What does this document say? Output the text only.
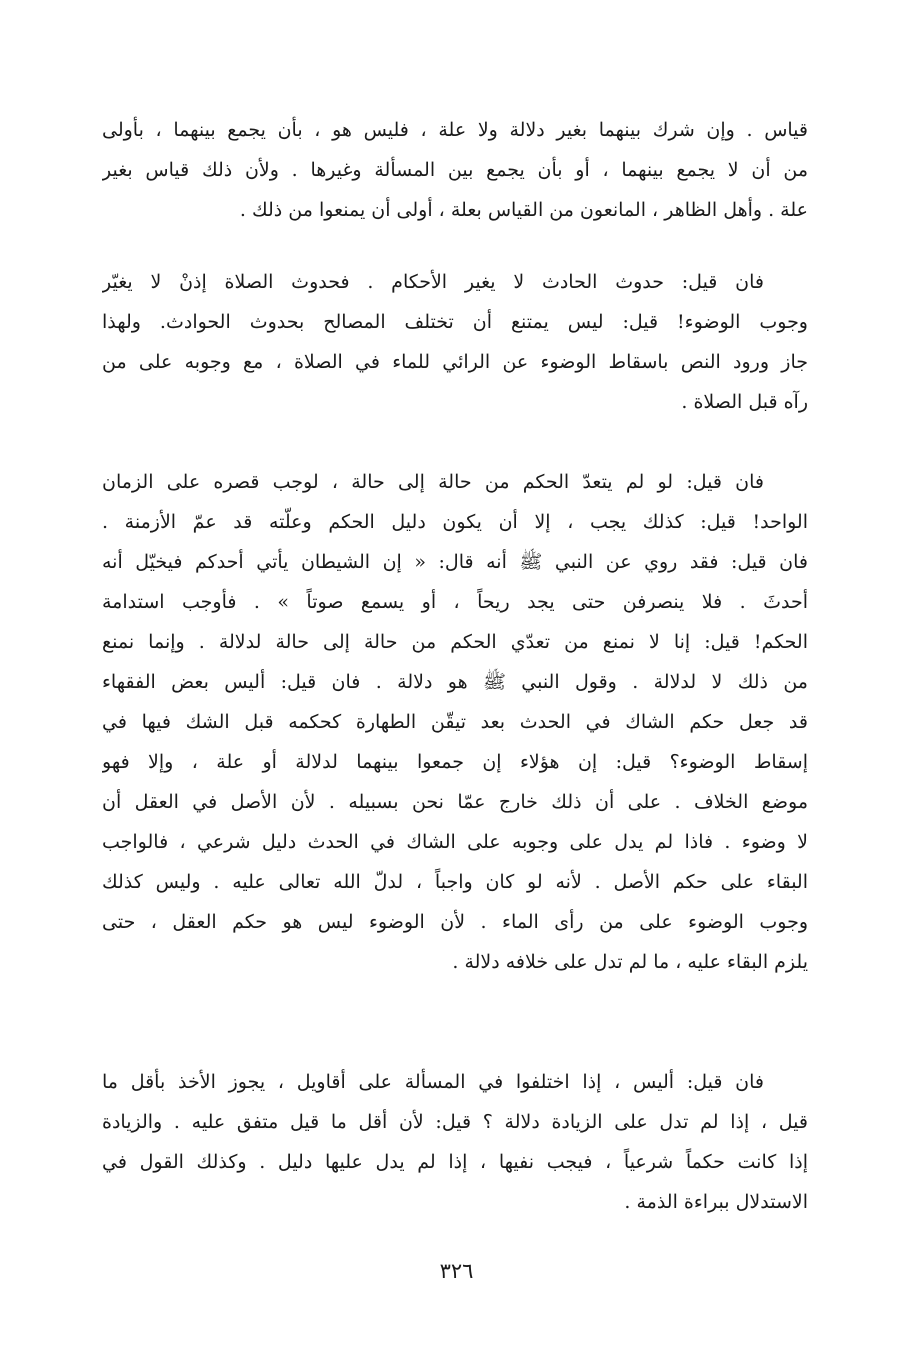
قياس . وإن شرك بينهما بغير دلالة ولا علة ، فليس هو ، بأن يجمع بينهما ، بأولى
من أن لا يجمع بينهما ، أو بأن يجمع بين المسألة وغيرها . ولأن ذلك قياس بغير
علة . وأهل الظاهر ، المانعون من القياس بعلة ، أولى أن يمنعوا من ذلك .
فان قيل: حدوث الحادث لا يغير الأحكام . فحدوث الصلاة إذنْ لا يغيّر
وجوب الوضوء! قيل: ليس يمتنع أن تختلف المصالح بحدوث الحوادث. ولهذا
جاز ورود النص باسقاط الوضوء عن الرائي للماء في الصلاة ، مع وجوبه على من
رآه قبل الصلاة .
فان قيل: لو لم يتعدّ الحكم من حالة إلى حالة ، لوجب قصره على الزمان
الواحد! قيل: كذلك يجب ، إلا أن يكون دليل الحكم وعلّته قد عمّ الأزمنة .
فان قيل: فقد روي عن النبي ﷺ أنه قال: « إن الشيطان يأتي أحدكم فيخيّل أنه
أحدثَ . فلا ينصرفن حتى يجد ريحاً ، أو يسمع صوتاً » . فأوجب استدامة
الحكم! قيل: إنا لا نمنع من تعدّي الحكم من حالة إلى حالة لدلالة . وإنما نمنع
من ذلك لا لدلالة . وقول النبي ﷺ هو دلالة . فان قيل: أليس بعض الفقهاء
قد جعل حكم الشاك في الحدث بعد تيقّن الطهارة كحكمه قبل الشك فيها في
إسقاط الوضوء؟ قيل: إن هؤلاء إن جمعوا بينهما لدلالة أو علة ، وإلا فهو
موضع الخلاف . على أن ذلك خارج عمّا نحن بسبيله . لأن الأصل في العقل أن
لا وضوء . فاذا لم يدل على وجوبه على الشاك في الحدث دليل شرعي ، فالواجب
البقاء على حكم الأصل . لأنه لو كان واجباً ، لدلّ الله تعالى عليه . وليس كذلك
وجوب الوضوء على من رأى الماء . لأن الوضوء ليس هو حكم العقل ، حتى
يلزم البقاء عليه ، ما لم تدل على خلافه دلالة .
فان قيل: أليس ، إذا اختلفوا في المسألة على أقاويل ، يجوز الأخذ بأقل ما
قيل ، إذا لم تدل على الزيادة دلالة ؟ قيل: لأن أقل ما قيل متفق عليه . والزيادة
إذا كانت حكماً شرعياً ، فيجب نفيها ، إذا لم يدل عليها دليل . وكذلك القول في
الاستدلال ببراءة الذمة .
٣٢٦
